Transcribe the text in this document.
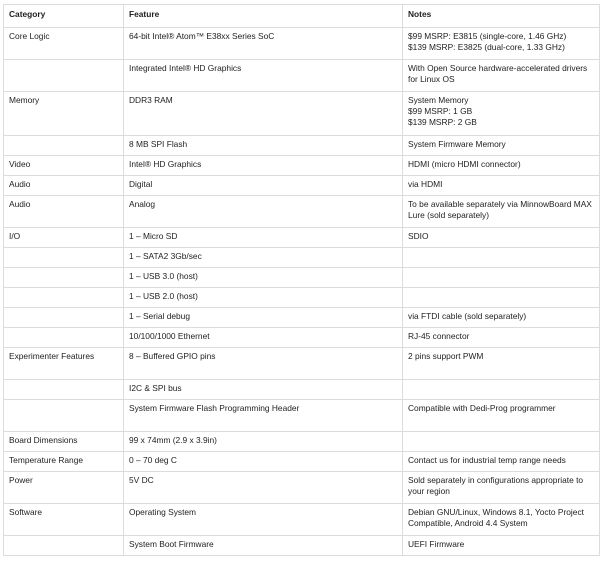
Category	Feature	Notes

Core Logic	64-bit Intel® Atom™ E38xx Series SoC	$99 MSRP: E3815 (single-core, 1.46 GHz)
$139 MSRP: E3825 (dual-core, 1.33 GHz)

	Integrated Intel® HD Graphics	With Open Source hardware-accelerated drivers for Linux OS

Memory	DDR3 RAM	System Memory
$99 MSRP: 1 GB
$139 MSRP: 2 GB

	8 MB SPI Flash	System Firmware Memory

Video	Intel® HD Graphics	HDMI (micro HDMI connector)

Audio	Digital	via HDMI

Audio	Analog	To be available separately via MinnowBoard MAX Lure (sold separately)

I/O	1 – Micro SD	SDIO

	1 – SATA2 3Gb/sec	

	1 – USB 3.0 (host)	

	1 – USB 2.0 (host)	

	1 – Serial debug	via FTDI cable (sold separately)

	10/100/1000 Ethernet	RJ-45 connector

Experimenter Features	8 – Buffered GPIO pins	2 pins support PWM

	I2C & SPI bus	

	System Firmware Flash Programming Header	Compatible with Dedi-Prog programmer

Board Dimensions	99 x 74mm (2.9 x 3.9in)	

Temperature Range	0 – 70 deg C	Contact us for industrial temp range needs

Power	5V DC	Sold separately in configurations appropriate to your region

Software	Operating System	Debian GNU/Linux, Windows 8.1, Yocto Project Compatible, Android 4.4 System

	System Boot Firmware	UEFI Firmware
